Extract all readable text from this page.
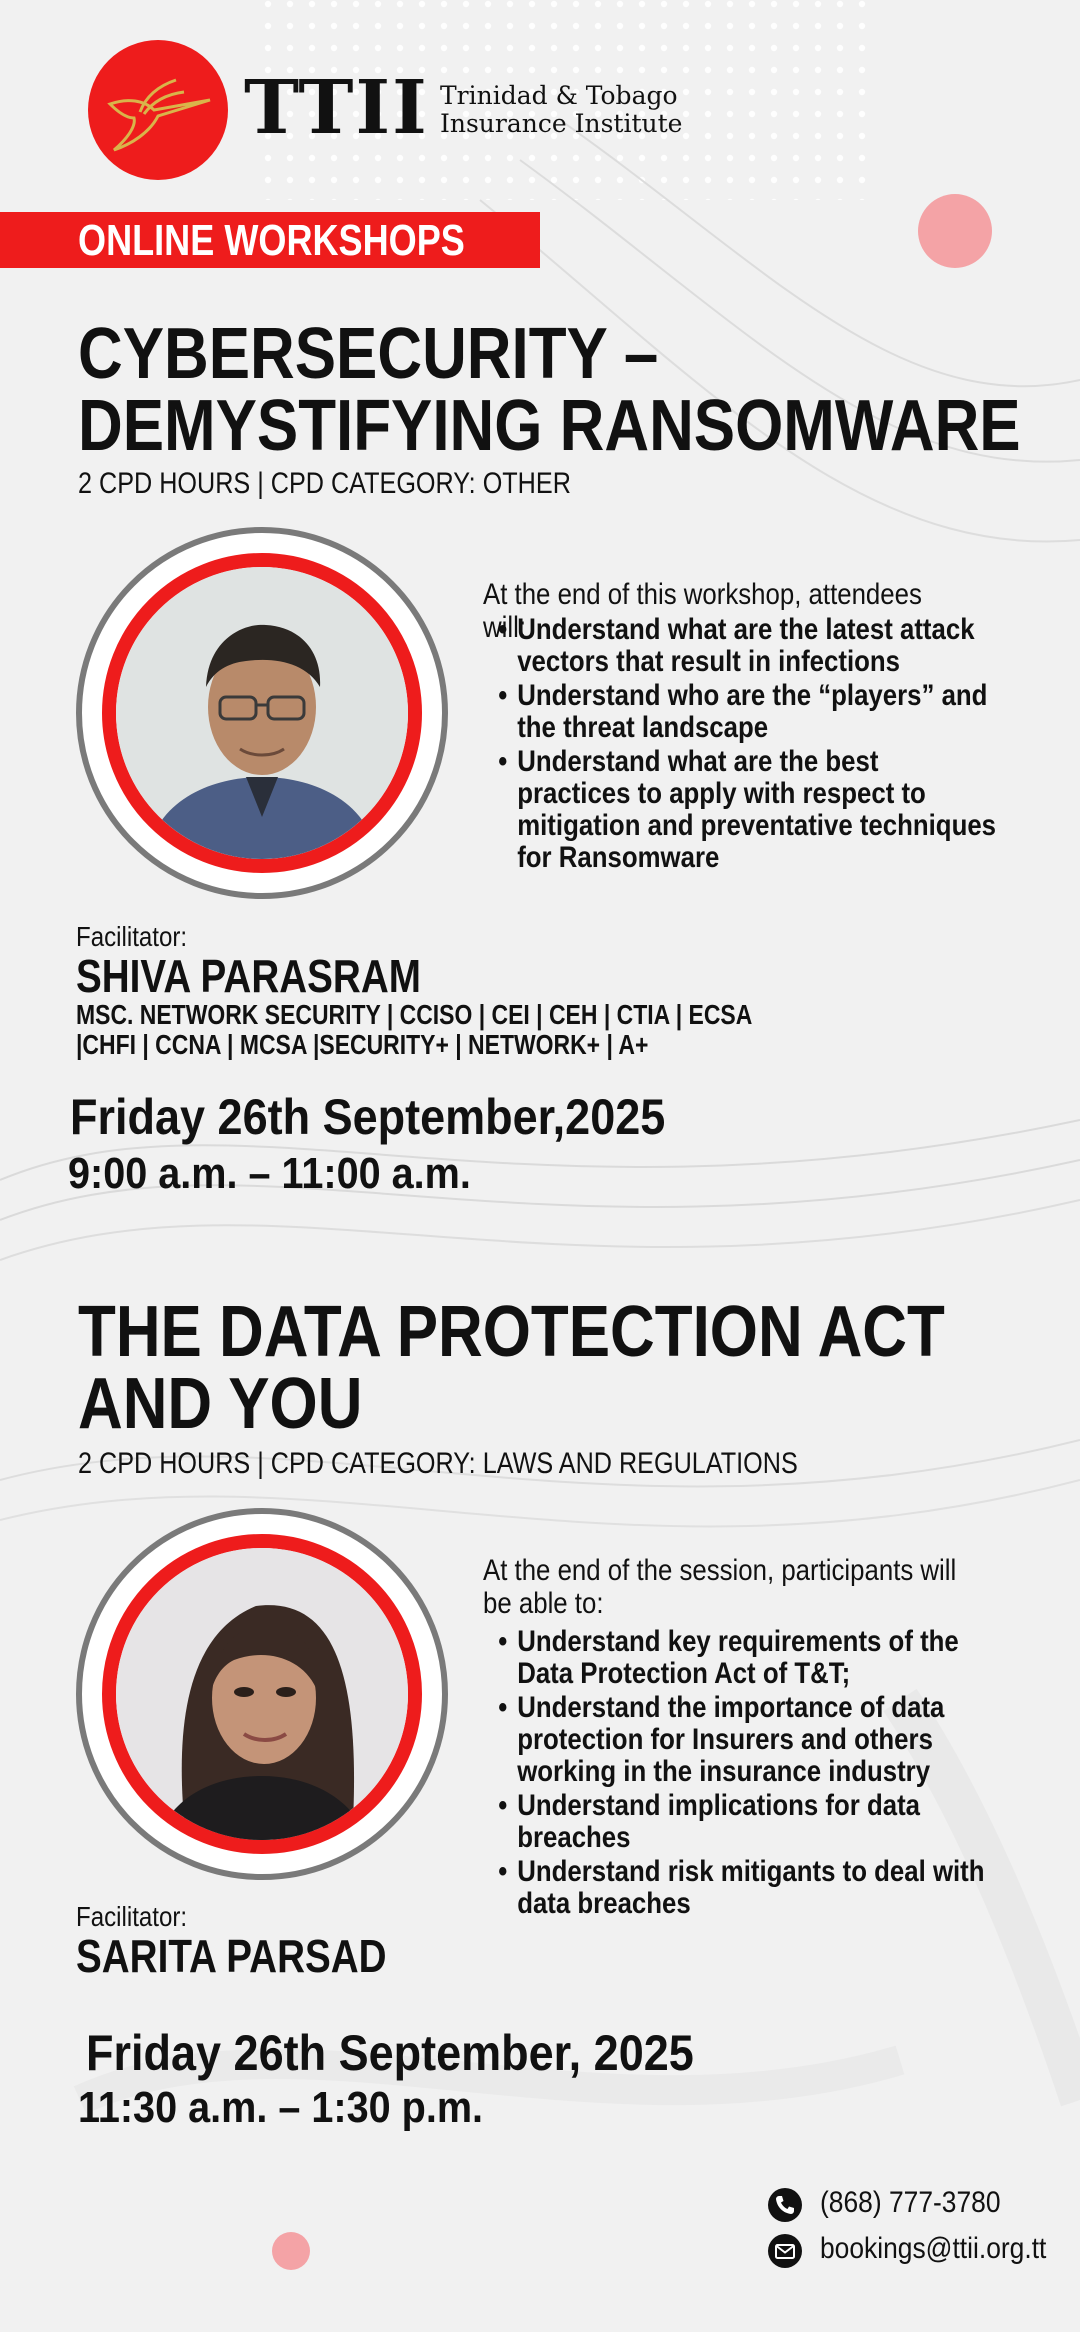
TTII Trinidad & Tobago
Insurance Institute
ONLINE WORKSHOPS
CYBERSECURITY –
DEMYSTIFYING RANSOMWARE
2 CPD HOURS | CPD CATEGORY: OTHER
At the end of this workshop, attendees will:
• Understand what are the latest attack vectors that result in infections
• Understand who are the “players” and the threat landscape
• Understand what are the best practices to apply with respect to mitigation and preventative techniques for Ransomware
Facilitator:
SHIVA PARASRAM
MSC. NETWORK SECURITY | CCISO | CEI | CEH | CTIA | ECSA |CHFI | CCNA | MCSA |SECURITY+ | NETWORK+ | A+
Friday 26th September,2025
9:00 a.m. – 11:00 a.m.
THE DATA PROTECTION ACT
AND YOU
2 CPD HOURS | CPD CATEGORY: LAWS AND REGULATIONS
At the end of the session, participants will be able to:
• Understand key requirements of the Data Protection Act of T&T;
• Understand the importance of data protection for Insurers and others working in the insurance industry
• Understand implications for data breaches
• Understand risk mitigants to deal with data breaches
Facilitator:
SARITA PARSAD
Friday 26th September, 2025
11:30 a.m. – 1:30 p.m.
(868) 777-3780
bookings@ttii.org.tt
